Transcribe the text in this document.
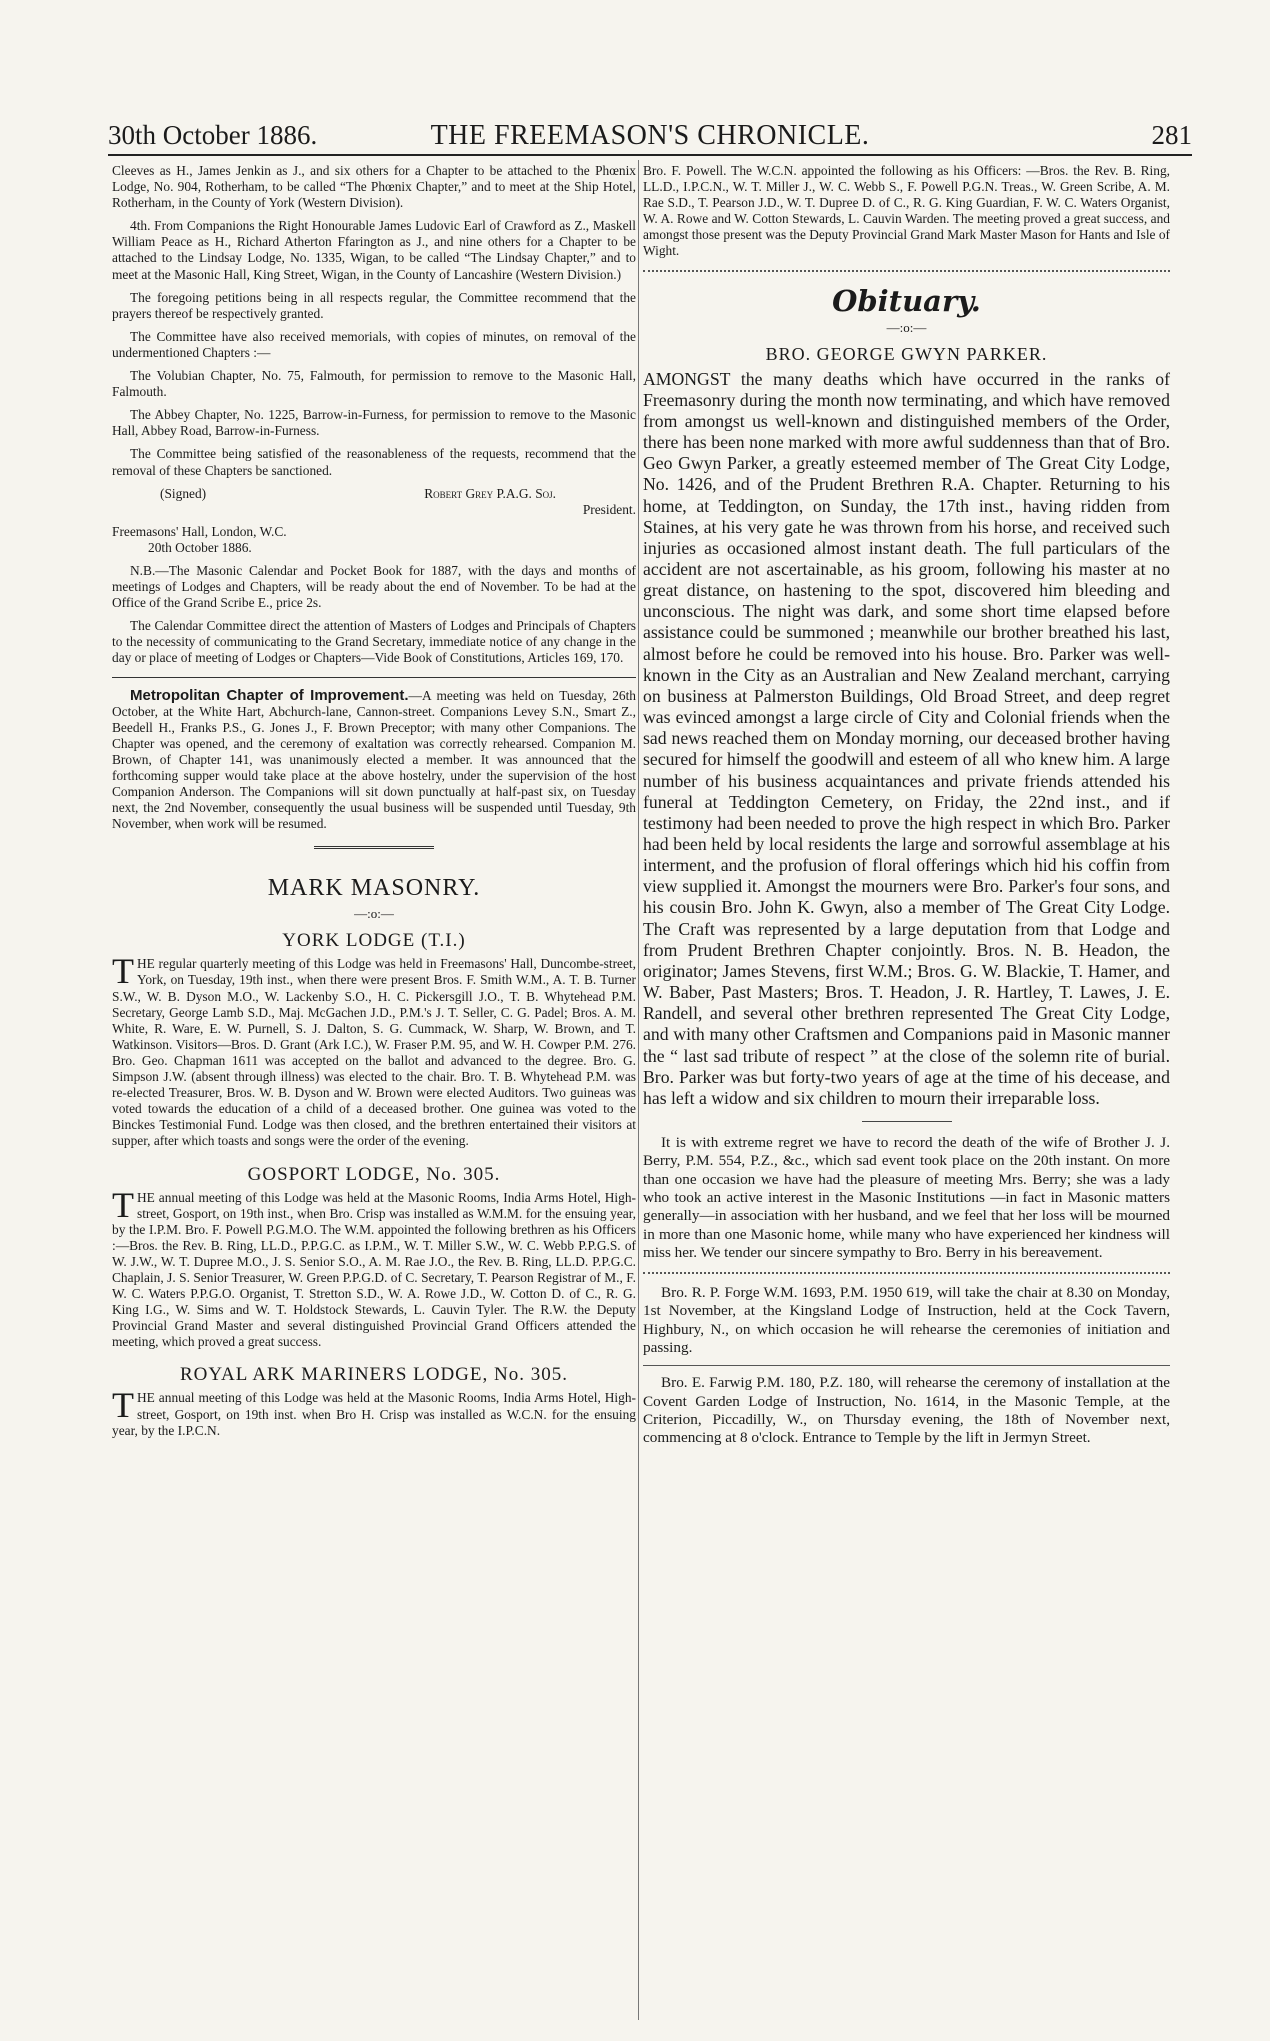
30th October 1886.	THE FREEMASON'S CHRONICLE.	281

Cleeves as H., James Jenkin as J., and six others for a Chapter to be attached to the Phœnix Lodge, No. 904, Rotherham, to be called “The Phœnix Chapter,” and to meet at the Ship Hotel, Rotherham, in the County of York (Western Division).

4th. From Companions the Right Honourable James Ludovic Earl of Crawford as Z., Maskell William Peace as H., Richard Atherton Ffarington as J., and nine others for a Chapter to be attached to the Lindsay Lodge, No. 1335, Wigan, to be called “The Lindsay Chapter,” and to meet at the Masonic Hall, King Street, Wigan, in the County of Lancashire (Western Division.)

The foregoing petitions being in all respects regular, the Committee recommend that the prayers thereof be respectively granted.

The Committee have also received memorials, with copies of minutes, on removal of the undermentioned Chapters :—

The Volubian Chapter, No. 75, Falmouth, for permission to remove to the Masonic Hall, Falmouth.

The Abbey Chapter, No. 1225, Barrow-in-Furness, for permission to remove to the Masonic Hall, Abbey Road, Barrow-in-Furness.

The Committee being satisfied of the reasonableness of the requests, recommend that the removal of these Chapters be sanctioned.

(Signed)	Robert Grey P.A.G. Soj.
President.

Freemasons' Hall, London, W.C.

20th October 1886.

N.B.—The Masonic Calendar and Pocket Book for 1887, with the days and months of meetings of Lodges and Chapters, will be ready about the end of November. To be had at the Office of the Grand Scribe E., price 2s.

The Calendar Committee direct the attention of Masters of Lodges and Principals of Chapters to the necessity of communicating to the Grand Secretary, immediate notice of any change in the day or place of meeting of Lodges or Chapters—Vide Book of Constitutions, Articles 169, 170.

Metropolitan Chapter of Improvement.—A meeting was held on Tuesday, 26th October, at the White Hart, Abchurch-lane, Cannon-street. Companions Levey S.N., Smart Z., Beedell H., Franks P.S., G. Jones J., F. Brown Preceptor; with many other Companions. The Chapter was opened, and the ceremony of exaltation was correctly rehearsed. Companion M. Brown, of Chapter 141, was unanimously elected a member. It was announced that the forthcoming supper would take place at the above hostelry, under the supervision of the host Companion Anderson. The Companions will sit down punctually at half-past six, on Tuesday next, the 2nd November, consequently the usual business will be suspended until Tuesday, 9th November, when work will be resumed.

MARK MASONRY.
—:o:—
YORK LODGE (T.I.)

THE regular quarterly meeting of this Lodge was held in Freemasons' Hall, Duncombe-street, York, on Tuesday, 19th inst., when there were present Bros. F. Smith W.M., A. T. B. Turner S.W., W. B. Dyson M.O., W. Lackenby S.O., H. C. Pickersgill J.O., T. B. Whytehead P.M. Secretary, George Lamb S.D., Maj. McGachen J.D., P.M.'s J. T. Seller, C. G. Padel; Bros. A. M. White, R. Ware, E. W. Purnell, S. J. Dalton, S. G. Cummack, W. Sharp, W. Brown, and T. Watkinson. Visitors—Bros. D. Grant (Ark I.C.), W. Fraser P.M. 95, and W. H. Cowper P.M. 276. Bro. Geo. Chapman 1611 was accepted on the ballot and advanced to the degree. Bro. G. Simpson J.W. (absent through illness) was elected to the chair. Bro. T. B. Whytehead P.M. was re-elected Treasurer, Bros. W. B. Dyson and W. Brown were elected Auditors. Two guineas was voted towards the education of a child of a deceased brother. One guinea was voted to the Binckes Testimonial Fund. Lodge was then closed, and the brethren entertained their visitors at supper, after which toasts and songs were the order of the evening.

GOSPORT LODGE, No. 305.

THE annual meeting of this Lodge was held at the Masonic Rooms, India Arms Hotel, High-street, Gosport, on 19th inst., when Bro. Crisp was installed as W.M.M. for the ensuing year, by the I.P.M. Bro. F. Powell P.G.M.O. The W.M. appointed the following brethren as his Officers :—Bros. the Rev. B. Ring, LL.D., P.P.G.C. as I.P.M., W. T. Miller S.W., W. C. Webb P.P.G.S. of W. J.W., W. T. Dupree M.O., J. S. Senior S.O., A. M. Rae J.O., the Rev. B. Ring, LL.D. P.P.G.C. Chaplain, J. S. Senior Treasurer, W. Green P.P.G.D. of C. Secretary, T. Pearson Registrar of M., F. W. C. Waters P.P.G.O. Organist, T. Stretton S.D., W. A. Rowe J.D., W. Cotton D. of C., R. G. King I.G., W. Sims and W. T. Holdstock Stewards, L. Cauvin Tyler. The R.W. the Deputy Provincial Grand Master and several distinguished Provincial Grand Officers attended the meeting, which proved a great success.

ROYAL ARK MARINERS LODGE, No. 305.

THE annual meeting of this Lodge was held at the Masonic Rooms, India Arms Hotel, High-street, Gosport, on 19th inst. when Bro H. Crisp was installed as W.C.N. for the ensuing year, by the I.P.C.N.

Bro. F. Powell. The W.C.N. appointed the following as his Officers: —Bros. the Rev. B. Ring, LL.D., I.P.C.N., W. T. Miller J., W. C. Webb S., F. Powell P.G.N. Treas., W. Green Scribe, A. M. Rae S.D., T. Pearson J.D., W. T. Dupree D. of C., R. G. King Guardian, F. W. C. Waters Organist, W. A. Rowe and W. Cotton Stewards, L. Cauvin Warden. The meeting proved a great success, and amongst those present was the Deputy Provincial Grand Mark Master Mason for Hants and Isle of Wight.

Obituary.
—:o:—
BRO. GEORGE GWYN PARKER.

AMONGST the many deaths which have occurred in the ranks of Freemasonry during the month now terminating, and which have removed from amongst us well-known and distinguished members of the Order, there has been none marked with more awful suddenness than that of Bro. Geo Gwyn Parker, a greatly esteemed member of The Great City Lodge, No. 1426, and of the Prudent Brethren R.A. Chapter. Returning to his home, at Teddington, on Sunday, the 17th inst., having ridden from Staines, at his very gate he was thrown from his horse, and received such injuries as occasioned almost instant death. The full particulars of the accident are not ascertainable, as his groom, following his master at no great distance, on hastening to the spot, discovered him bleeding and unconscious. The night was dark, and some short time elapsed before assistance could be summoned ; meanwhile our brother breathed his last, almost before he could be removed into his house. Bro. Parker was well-known in the City as an Australian and New Zealand merchant, carrying on business at Palmerston Buildings, Old Broad Street, and deep regret was evinced amongst a large circle of City and Colonial friends when the sad news reached them on Monday morning, our deceased brother having secured for himself the goodwill and esteem of all who knew him. A large number of his business acquaintances and private friends attended his funeral at Teddington Cemetery, on Friday, the 22nd inst., and if testimony had been needed to prove the high respect in which Bro. Parker had been held by local residents the large and sorrowful assemblage at his interment, and the profusion of floral offerings which hid his coffin from view supplied it. Amongst the mourners were Bro. Parker's four sons, and his cousin Bro. John K. Gwyn, also a member of The Great City Lodge. The Craft was represented by a large deputation from that Lodge and from Prudent Brethren Chapter conjointly. Bros. N. B. Headon, the originator; James Stevens, first W.M.; Bros. G. W. Blackie, T. Hamer, and W. Baber, Past Masters; Bros. T. Headon, J. R. Hartley, T. Lawes, J. E. Randell, and several other brethren represented The Great City Lodge, and with many other Craftsmen and Companions paid in Masonic manner the “ last sad tribute of respect ” at the close of the solemn rite of burial. Bro. Parker was but forty-two years of age at the time of his decease, and has left a widow and six children to mourn their irreparable loss.

It is with extreme regret we have to record the death of the wife of Brother J. J. Berry, P.M. 554, P.Z., &c., which sad event took place on the 20th instant. On more than one occasion we have had the pleasure of meeting Mrs. Berry; she was a lady who took an active interest in the Masonic Institutions —in fact in Masonic matters generally—in association with her husband, and we feel that her loss will be mourned in more than one Masonic home, while many who have experienced her kindness will miss her. We tender our sincere sympathy to Bro. Berry in his bereavement.

Bro. R. P. Forge W.M. 1693, P.M. 1950 619, will take the chair at 8.30 on Monday, 1st November, at the Kingsland Lodge of Instruction, held at the Cock Tavern, Highbury, N., on which occasion he will rehearse the ceremonies of initiation and passing.

Bro. E. Farwig P.M. 180, P.Z. 180, will rehearse the ceremony of installation at the Covent Garden Lodge of Instruction, No. 1614, in the Masonic Temple, at the Criterion, Piccadilly, W., on Thursday evening, the 18th of November next, commencing at 8 o'clock. Entrance to Temple by the lift in Jermyn Street.
